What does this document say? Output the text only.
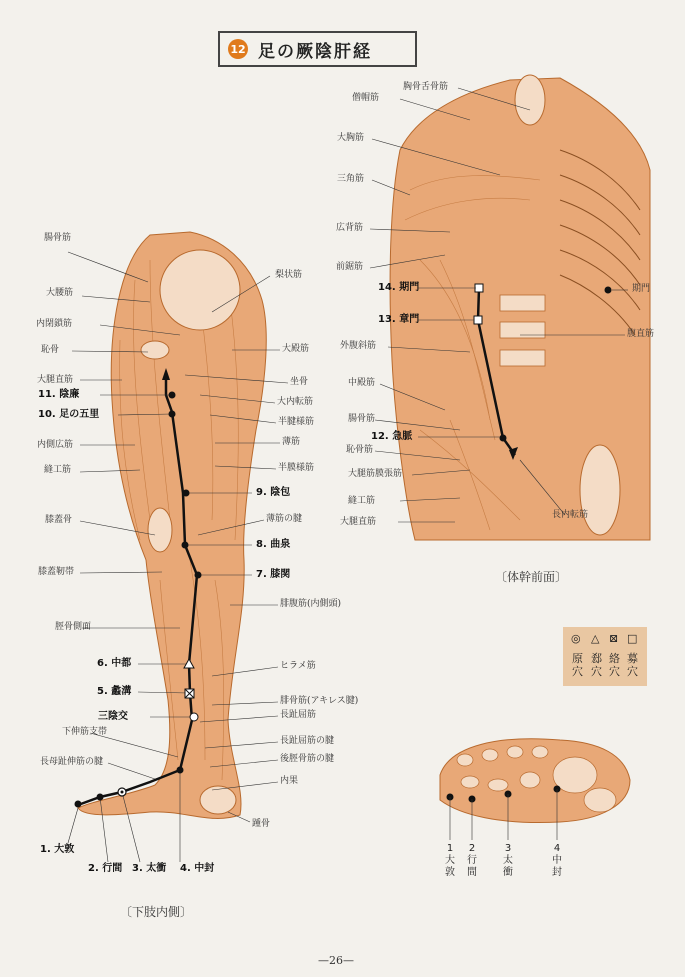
12 足の厥陰肝経
腸骨筋
大腰筋
内閉鎖筋
恥骨
大腿直筋
11. 陰廉
10. 足の五里
内側広筋
縫工筋
膝蓋骨
膝蓋靭帯
脛骨側面
6. 中都
5. 蠡溝
三陰交
下伸筋支帯
長母趾伸筋の腱
梨状筋
大殿筋
坐骨
大内転筋
半腱様筋
薄筋
半膜様筋
9. 陰包
薄筋の腱
8. 曲泉
7. 膝関
腓腹筋(内側頭)
ヒラメ筋
腓骨筋(アキレス腱)
長趾屈筋
長趾屈筋の腱
後脛骨筋の腱
内果
踵骨
1. 大敦
2. 行間 3. 太衝 4. 中封
〔下肢内側〕
胸骨舌骨筋
僧帽筋
大胸筋
三角筋
広背筋
前鋸筋
14. 期門
13. 章門
外腹斜筋
中殿筋
腸骨筋
12. 急脈
恥骨筋
大腿筋膜張筋
縫工筋
大腿直筋
期門
腹直筋
長内転筋
〔体幹前面〕
◎ △ ⊠ □
原
穴
郄
穴
絡
穴
募
穴
1
大
敦
2
行
間
3
太
衝
4
中
封
—26—
